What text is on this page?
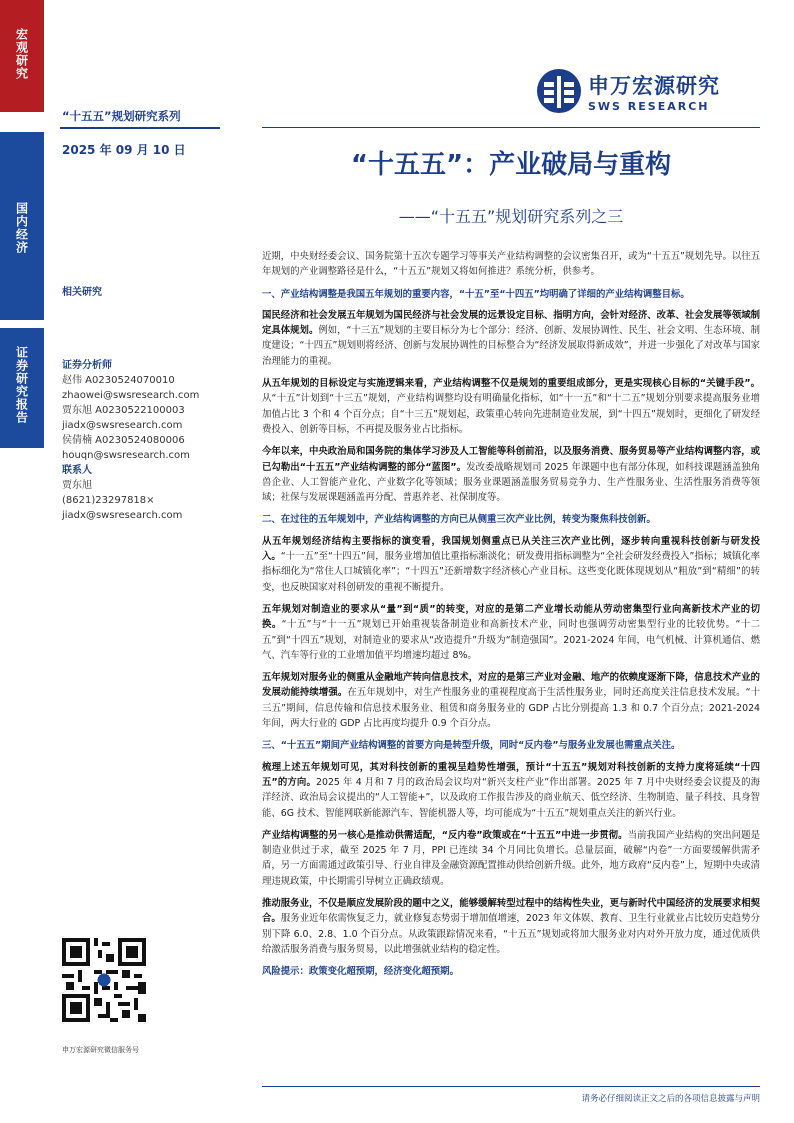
宏观研究
国内经济
证券研究报告
“十五五”规划研究系列
2025 年 09 月 10 日
相关研究
证券分析师
赵伟 A0230524070010
zhaowei@swsresearch.com
贾东旭 A0230522100003
jiadx@swsresearch.com
侯倩楠 A0230524080006
houqn@swsresearch.com
联系人
贾东旭
(8621)23297818×
jiadx@swsresearch.com
申万宏源研究微信服务号
申万宏源研究
SWS RESEARCH
“十五五”：产业破局与重构
——“十五五”规划研究系列之三

近期，中央财经委会议、国务院第十五次专题学习等事关产业结构调整的会议密集召开，或为“十五五”规划先导。以往五年规划的产业调整路径是什么，“十五五”规划又将如何推进？系统分析，供参考。

一、产业结构调整是我国五年规划的重要内容，“十五”至“十四五”均明确了详细的产业结构调整目标。

国民经济和社会发展五年规划为国民经济与社会发展的远景设定目标、指明方向，会针对经济、改革、社会发展等领域制定具体规划。例如，“十三五”规划的主要目标分为七个部分：经济、创新、发展协调性、民生、社会文明、生态环境、制度建设；“十四五”规划则将经济、创新与发展协调性的目标整合为“经济发展取得新成效”，并进一步强化了对改革与国家治理能力的重视。

从五年规划的目标设定与实施逻辑来看，产业结构调整不仅是规划的重要组成部分，更是实现核心目标的“关键手段”。从“十五”计划到“十三五”规划，产业结构调整均设有明确量化指标，如“十一五”和“十二五”规划分别要求提高服务业增加值占比 3 个和 4 个百分点；自“十三五”规划起，政策重心转向先进制造业发展，到“十四五”规划时，更细化了研发经费投入、创新等目标，不再提及服务业占比指标。

今年以来，中央政治局和国务院的集体学习涉及人工智能等科创前沿，以及服务消费、服务贸易等产业结构调整内容，或已勾勒出“十五五”产业结构调整的部分“蓝图”。发改委战略规划司 2025 年课题中也有部分体现，如科技课题涵盖独角兽企业、人工智能产业化、产业数字化等领域；服务业课题涵盖服务贸易竞争力、生产性服务业、生活性服务消费等领域；社保与发展课题涵盖再分配、普惠养老、社保制度等。

二、在过往的五年规划中，产业结构调整的方向已从侧重三次产业比例，转变为聚焦科技创新。

从五年规划经济结构主要指标的演变看，我国规划侧重点已从关注三次产业比例，逐步转向重视科技创新与研发投入。“十一五”至“十四五”间，服务业增加值比重指标渐淡化；研发费用指标调整为“全社会研发经费投入”指标；城镇化率指标细化为“常住人口城镇化率”；“十四五”还新增数字经济核心产业目标。这些变化既体现规划从“粗放”到“精细”的转变，也反映国家对科创研发的重视不断提升。

五年规划对制造业的要求从“量”到“质”的转变，对应的是第二产业增长动能从劳动密集型行业向高新技术产业的切换。“十五”与“十一五”规划已开始重视装备制造业和高新技术产业，同时也强调劳动密集型行业的比较优势。“十二五”到“十四五”规划，对制造业的要求从“改造提升”升级为“制造强国”。2021-2024 年间，电气机械、计算机通信、燃气、汽车等行业的工业增加值平均增速均超过 8%。

五年规划对服务业的侧重从金融地产转向信息技术，对应的是第三产业对金融、地产的依赖度逐渐下降，信息技术产业的发展动能持续增强。在五年规划中，对生产性服务业的重视程度高于生活性服务业，同时还高度关注信息技术发展。“十三五”期间，信息传输和信息技术服务业、租赁和商务服务业的 GDP 占比分别提高 1.3 和 0.7 个百分点；2021-2024 年间，两大行业的 GDP 占比再度均提升 0.9 个百分点。

三、“十五五”期间产业结构调整的首要方向是转型升级，同时“反内卷”与服务业发展也需重点关注。

梳理上述五年规划可见，其对科技创新的重视呈趋势性增强，预计“十五五”规划对科技创新的支持力度将延续“十四五”的方向。2025 年 4 月和 7 月的政治局会议均对“新兴支柱产业”作出部署。2025 年 7 月中央财经委会议提及的海洋经济、政治局会议提出的“人工智能+”，以及政府工作报告涉及的商业航天、低空经济、生物制造、量子科技、具身智能、6G 技术、智能网联新能源汽车、智能机器人等，均可能成为“十五五”规划重点关注的新兴行业。

产业结构调整的另一核心是推动供需适配，“反内卷”政策或在“十五五”中进一步贯彻。当前我国产业结构的突出问题是制造业供过于求，截至 2025 年 7 月，PPI 已连续 34 个月同比负增长。总量层面，破解“内卷”一方面要缓解供需矛盾，另一方面需通过政策引导、行业自律及金融资源配置推动供给创新升级。此外，地方政府“反内卷”上，短期中央或清理违规政策，中长期需引导树立正确政绩观。

推动服务业，不仅是顺应发展阶段的题中之义，能够缓解转型过程中的结构性失业，更与新时代中国经济的发展要求相契合。服务业近年依需恢复乏力，就业修复态势弱于增加值增速，2023 年文体娱、教育、卫生行业就业占比较历史趋势分别下降 6.0、2.8、1.0 个百分点。从政策跟踪情况来看，“十五五”规划或将加大服务业对内对外开放力度，通过优质供给激活服务消费与服务贸易，以此增强就业结构的稳定性。

风险提示：政策变化超预期，经济变化超预期。

请务必仔细阅读正文之后的各项信息披露与声明
